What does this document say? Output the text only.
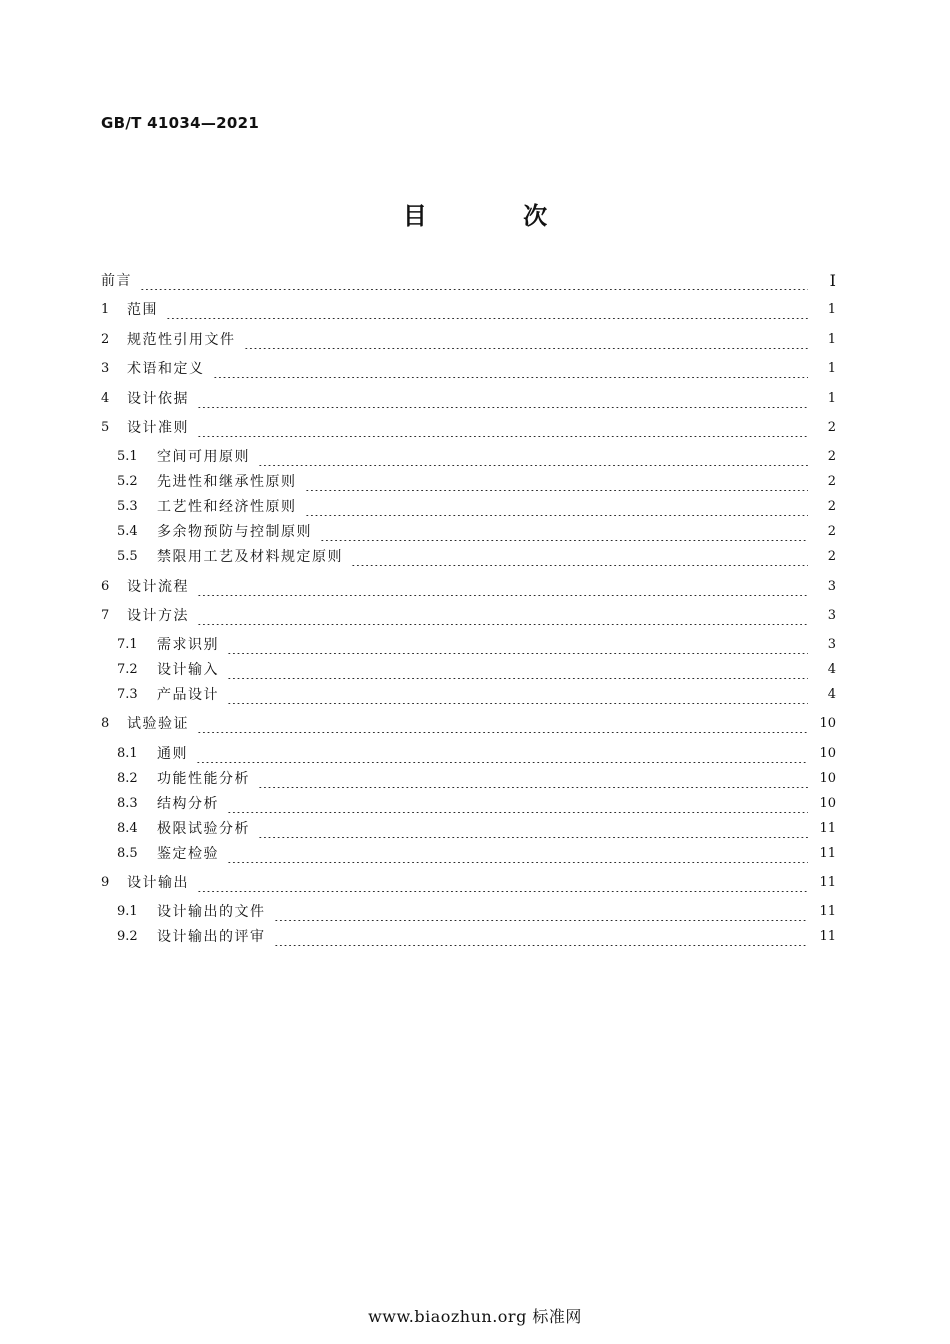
GB/T 41034—2021
目 次
前言	I
1	范围	1
2	规范性引用文件	1
3	术语和定义	1
4	设计依据	1
5	设计准则	2
5.1	空间可用原则	2
5.2	先进性和继承性原则	2
5.3	工艺性和经济性原则	2
5.4	多余物预防与控制原则	2
5.5	禁限用工艺及材料规定原则	2
6	设计流程	3
7	设计方法	3
7.1	需求识别	3
7.2	设计输入	4
7.3	产品设计	4
8	试验验证	10
8.1	通则	10
8.2	功能性能分析	10
8.3	结构分析	10
8.4	极限试验分析	11
8.5	鉴定检验	11
9	设计输出	11
9.1	设计输出的文件	11
9.2	设计输出的评审	11
www.biaozhun.org 标准网
